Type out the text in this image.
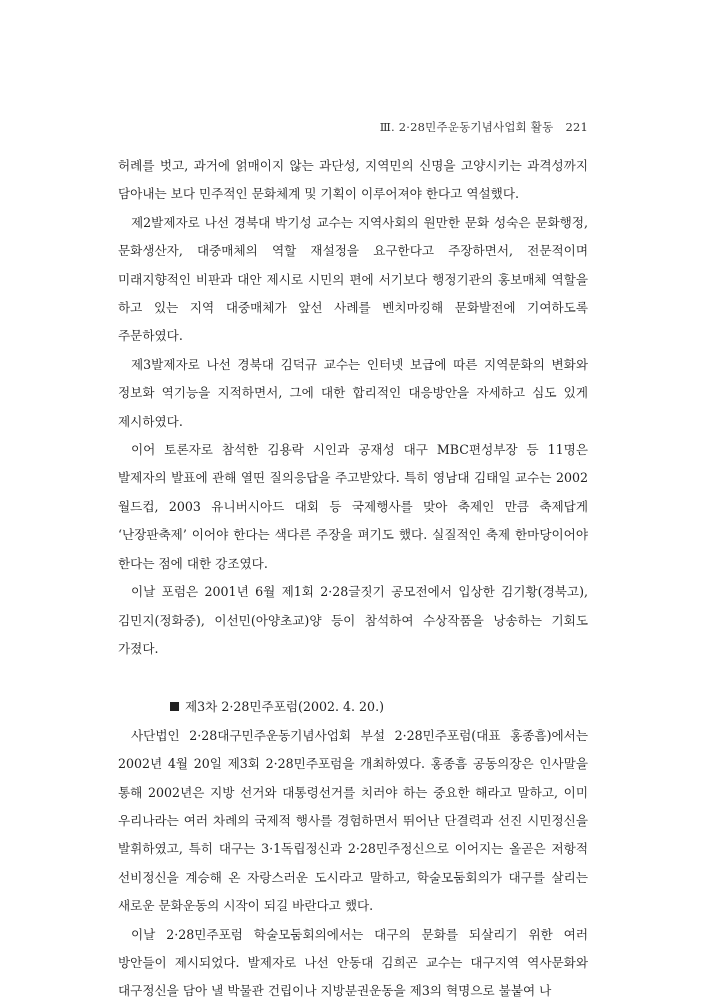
Ⅲ. 2·28민주운동기념사업회 활동 221

허례를 벗고, 과거에 얽매이지 않는 과단성, 지역민의 신명을 고양시키는 과격성까지 담아내는 보다 민주적인 문화체계 및 기획이 이루어져야 한다고 역설했다.

제2발제자로 나선 경북대 박기성 교수는 지역사회의 원만한 문화 성숙은 문화행정, 문화생산자, 대중매체의 역할 재설정을 요구한다고 주장하면서, 전문적이며 미래지향적인 비판과 대안 제시로 시민의 편에 서기보다 행정기관의 홍보매체 역할을 하고 있는 지역 대중매체가 앞선 사례를 벤치마킹해 문화발전에 기여하도록 주문하였다.

제3발제자로 나선 경북대 김덕규 교수는 인터넷 보급에 따른 지역문화의 변화와 정보화 역기능을 지적하면서, 그에 대한 합리적인 대응방안을 자세하고 심도 있게 제시하였다.

이어 토론자로 참석한 김용락 시인과 공재성 대구 MBC편성부장 등 11명은 발제자의 발표에 관해 열띤 질의응답을 주고받았다. 특히 영남대 김태일 교수는 2002 월드컵, 2003 유니버시아드 대회 등 국제행사를 맞아 축제인 만큼 축제답게 ‘난장판축제’ 이어야 한다는 색다른 주장을 펴기도 했다. 실질적인 축제 한마당이어야 한다는 점에 대한 강조였다.

이날 포럼은 2001년 6월 제1회 2·28글짓기 공모전에서 입상한 김기황(경북고), 김민지(정화중), 이선민(아양초교)양 등이 참석하여 수상작품을 낭송하는 기회도 가졌다.

제3차 2·28민주포럼(2002. 4. 20.)

사단법인 2·28대구민주운동기념사업회 부설 2·28민주포럼(대표 홍종흠)에서는 2002년 4월 20일 제3회 2·28민주포럼을 개최하였다. 홍종흠 공동의장은 인사말을 통해 2002년은 지방 선거와 대통령선거를 치러야 하는 중요한 해라고 말하고, 이미 우리나라는 여러 차례의 국제적 행사를 경험하면서 뛰어난 단결력과 선진 시민정신을 발휘하였고, 특히 대구는 3·1독립정신과 2·28민주정신으로 이어지는 올곧은 저항적 선비정신을 계승해 온 자랑스러운 도시라고 말하고, 학술모둠회의가 대구를 살리는 새로운 문화운동의 시작이 되길 바란다고 했다.

이날 2·28민주포럼 학술모둠회의에서는 대구의 문화를 되살리기 위한 여러 방안들이 제시되었다. 발제자로 나선 안동대 김희곤 교수는 대구지역 역사문화와 대구정신을 담아 낼 박물관 건립이나 지방분권운동을 제3의 혁명으로 불붙여 나
